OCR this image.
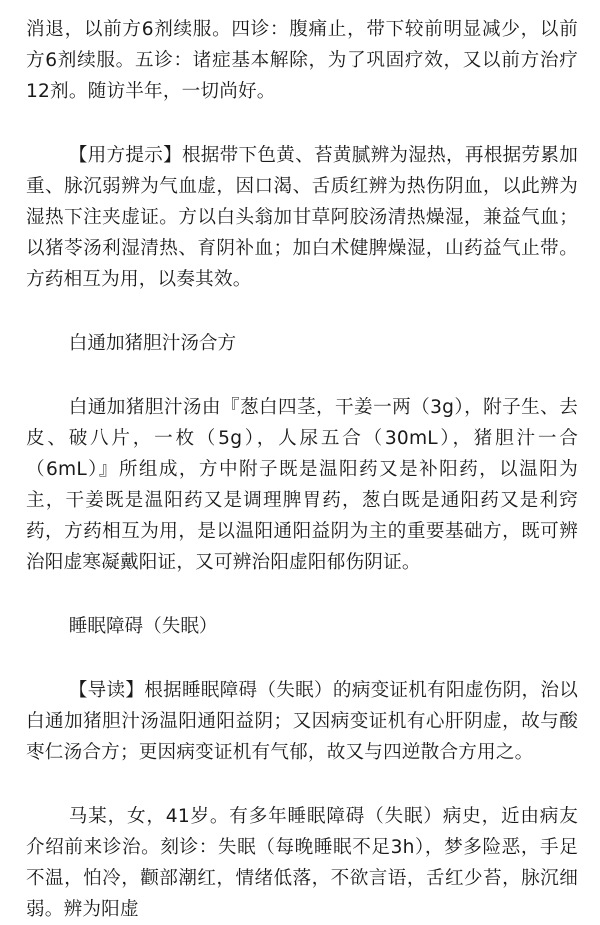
消退，以前方6剂续服。四诊：腹痛止，带下较前明显减少，以前方6剂续服。五诊：诸症基本解除，为了巩固疗效，又以前方治疗12剂。随访半年，一切尚好。

【用方提示】根据带下色黄、苔黄腻辨为湿热，再根据劳累加重、脉沉弱辨为气血虚，因口渴、舌质红辨为热伤阴血，以此辨为湿热下注夹虚证。方以白头翁加甘草阿胶汤清热燥湿，兼益气血；以猪苓汤利湿清热、育阴补血；加白术健脾燥湿，山药益气止带。方药相互为用，以奏其效。

白通加猪胆汁汤合方

白通加猪胆汁汤由『葱白四茎，干姜一两（3g），附子生、去皮、破八片，一枚（5g），人尿五合（30mL），猪胆汁一合（6mL）』所组成，方中附子既是温阳药又是补阳药，以温阳为主，干姜既是温阳药又是调理脾胃药，葱白既是通阳药又是利窍药，方药相互为用，是以温阳通阳益阴为主的重要基础方，既可辨治阳虚寒凝戴阳证，又可辨治阳虚阳郁伤阴证。

睡眠障碍（失眠）

【导读】根据睡眠障碍（失眠）的病变证机有阳虚伤阴，治以白通加猪胆汁汤温阳通阳益阴；又因病变证机有心肝阴虚，故与酸枣仁汤合方；更因病变证机有气郁，故又与四逆散合方用之。

马某，女，41岁。有多年睡眠障碍（失眠）病史，近由病友介绍前来诊治。刻诊：失眠（每晚睡眠不足3h），梦多险恶，手足不温，怕冷，颧部潮红，情绪低落，不欲言语，舌红少苔，脉沉细弱。辨为阳虚
